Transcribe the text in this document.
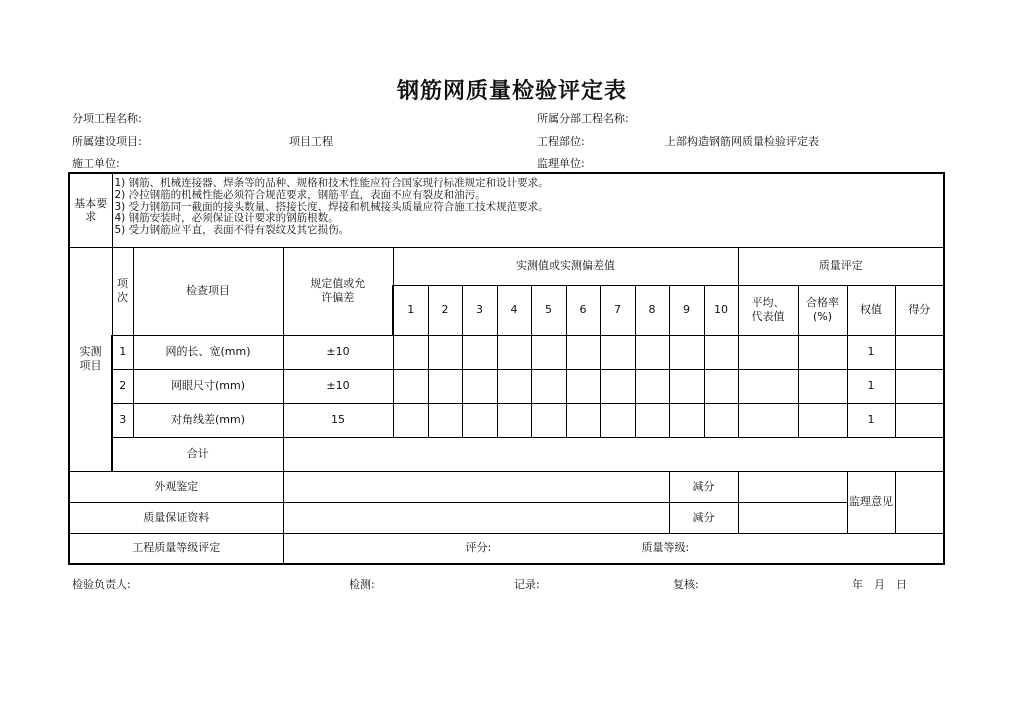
钢筋网质量检验评定表
分项工程名称:	所属分部工程名称:
所属建设项目:	项目工程	工程部位:	上部构造钢筋网质量检验评定表
施工单位:	监理单位:
基本要求	1) 钢筋、机械连接器、焊条等的品种、规格和技术性能应符合国家现行标准规定和设计要求。
2) 冷拉钢筋的机械性能必须符合规范要求，钢筋平直，表面不应有裂皮和油污。
3) 受力钢筋同一截面的接头数量、搭接长度、焊接和机械接头质量应符合施工技术规范要求。
4) 钢筋安装时，必须保证设计要求的钢筋根数。
5) 受力钢筋应平直，表面不得有裂纹及其它损伤。																

实测项目	项次	检查项目	规定值或允许偏差	实测值或实测偏差值										质量评定			
				1	2	3	4	5	6	7	8	9	10	平均、代表值	合格率(%)	权值	得分
	1	网的长、宽(mm)	±10													1	
	2	网眼尺寸(mm)	±10													1	
	3	对角线差(mm)	15													1	
	合计																
外观鉴定												减分				监理意见	
质量保证资料												减分					
工程质量等级评定			评分: 质量等级:														
检验负责人:	检测:	记录:	复核:	年　月　日
